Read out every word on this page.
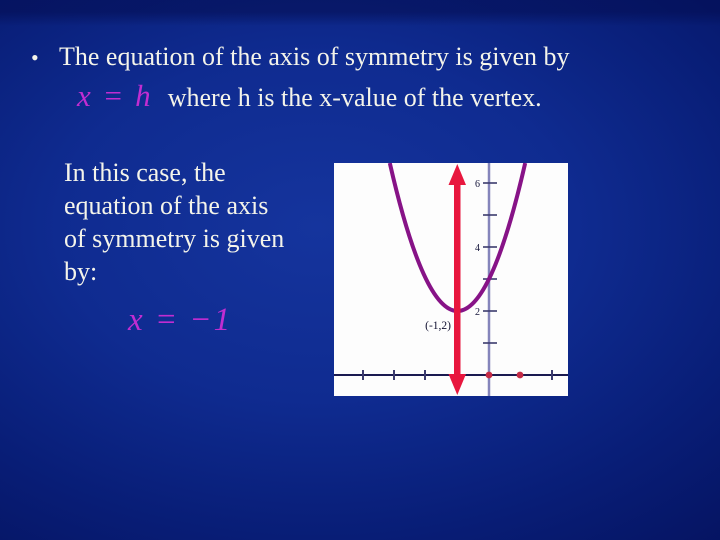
• The equation of the axis of symmetry is given by
x = h where h is the x-value of the vertex.
In this case, the
equation of the axis
of symmetry is given
by:
x = −1
6
4
2
(-1,2)
